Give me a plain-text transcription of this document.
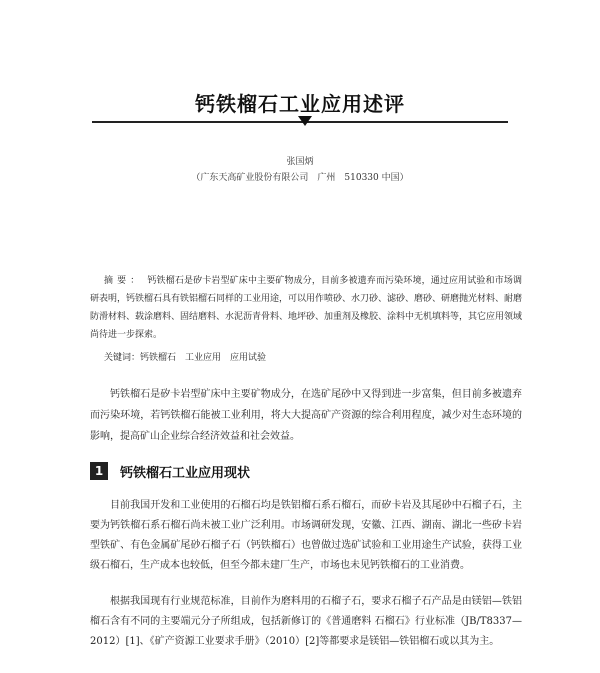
钙铁榴石工业应用述评
张国炳
（广东天高矿业股份有限公司　广州　510330 中国）
摘要： 钙铁榴石是矽卡岩型矿床中主要矿物成分，目前多被遗弃而污染环境，通过应用试验和市场调研表明，钙铁榴石具有铁铝榴石同样的工业用途，可以用作喷砂、水刀砂、滤砂、磨砂、研磨抛光材料、耐磨防滑材料、载涂磨料、固结磨料、水泥沥青骨料、地坪砂、加重剂及橡胶、涂料中无机填料等，其它应用领域尚待进一步探索。
关键词：钙铁榴石　工业应用　应用试验
钙铁榴石是矽卡岩型矿床中主要矿物成分，在选矿尾砂中又得到进一步富集，但目前多被遗弃而污染环境，若钙铁榴石能被工业利用，将大大提高矿产资源的综合利用程度，减少对生态环境的影响，提高矿山企业综合经济效益和社会效益。
1	钙铁榴石工业应用现状
目前我国开发和工业使用的石榴石均是铁铝榴石系石榴石，而矽卡岩及其尾砂中石榴子石，主要为钙铁榴石系石榴石尚未被工业广泛利用。市场调研发现，安徽、江西、湖南、湖北一些矽卡岩型铁矿、有色金属矿尾砂石榴子石（钙铁榴石）也曾做过选矿试验和工业用途生产试验，获得工业级石榴石，生产成本也较低，但至今都未建厂生产，市场也未见钙铁榴石的工业消费。
根据我国现有行业规范标准，目前作为磨料用的石榴子石，要求石榴子石产品是由镁铝—铁铝榴石含有不同的主要端元分子所组成，包括新修订的《普通磨料 石榴石》行业标准（JB/T8337—2012）[1]、《矿产资源工业要求手册》（2010）[2]等都要求是镁铝—铁铝榴石或以其为主。
